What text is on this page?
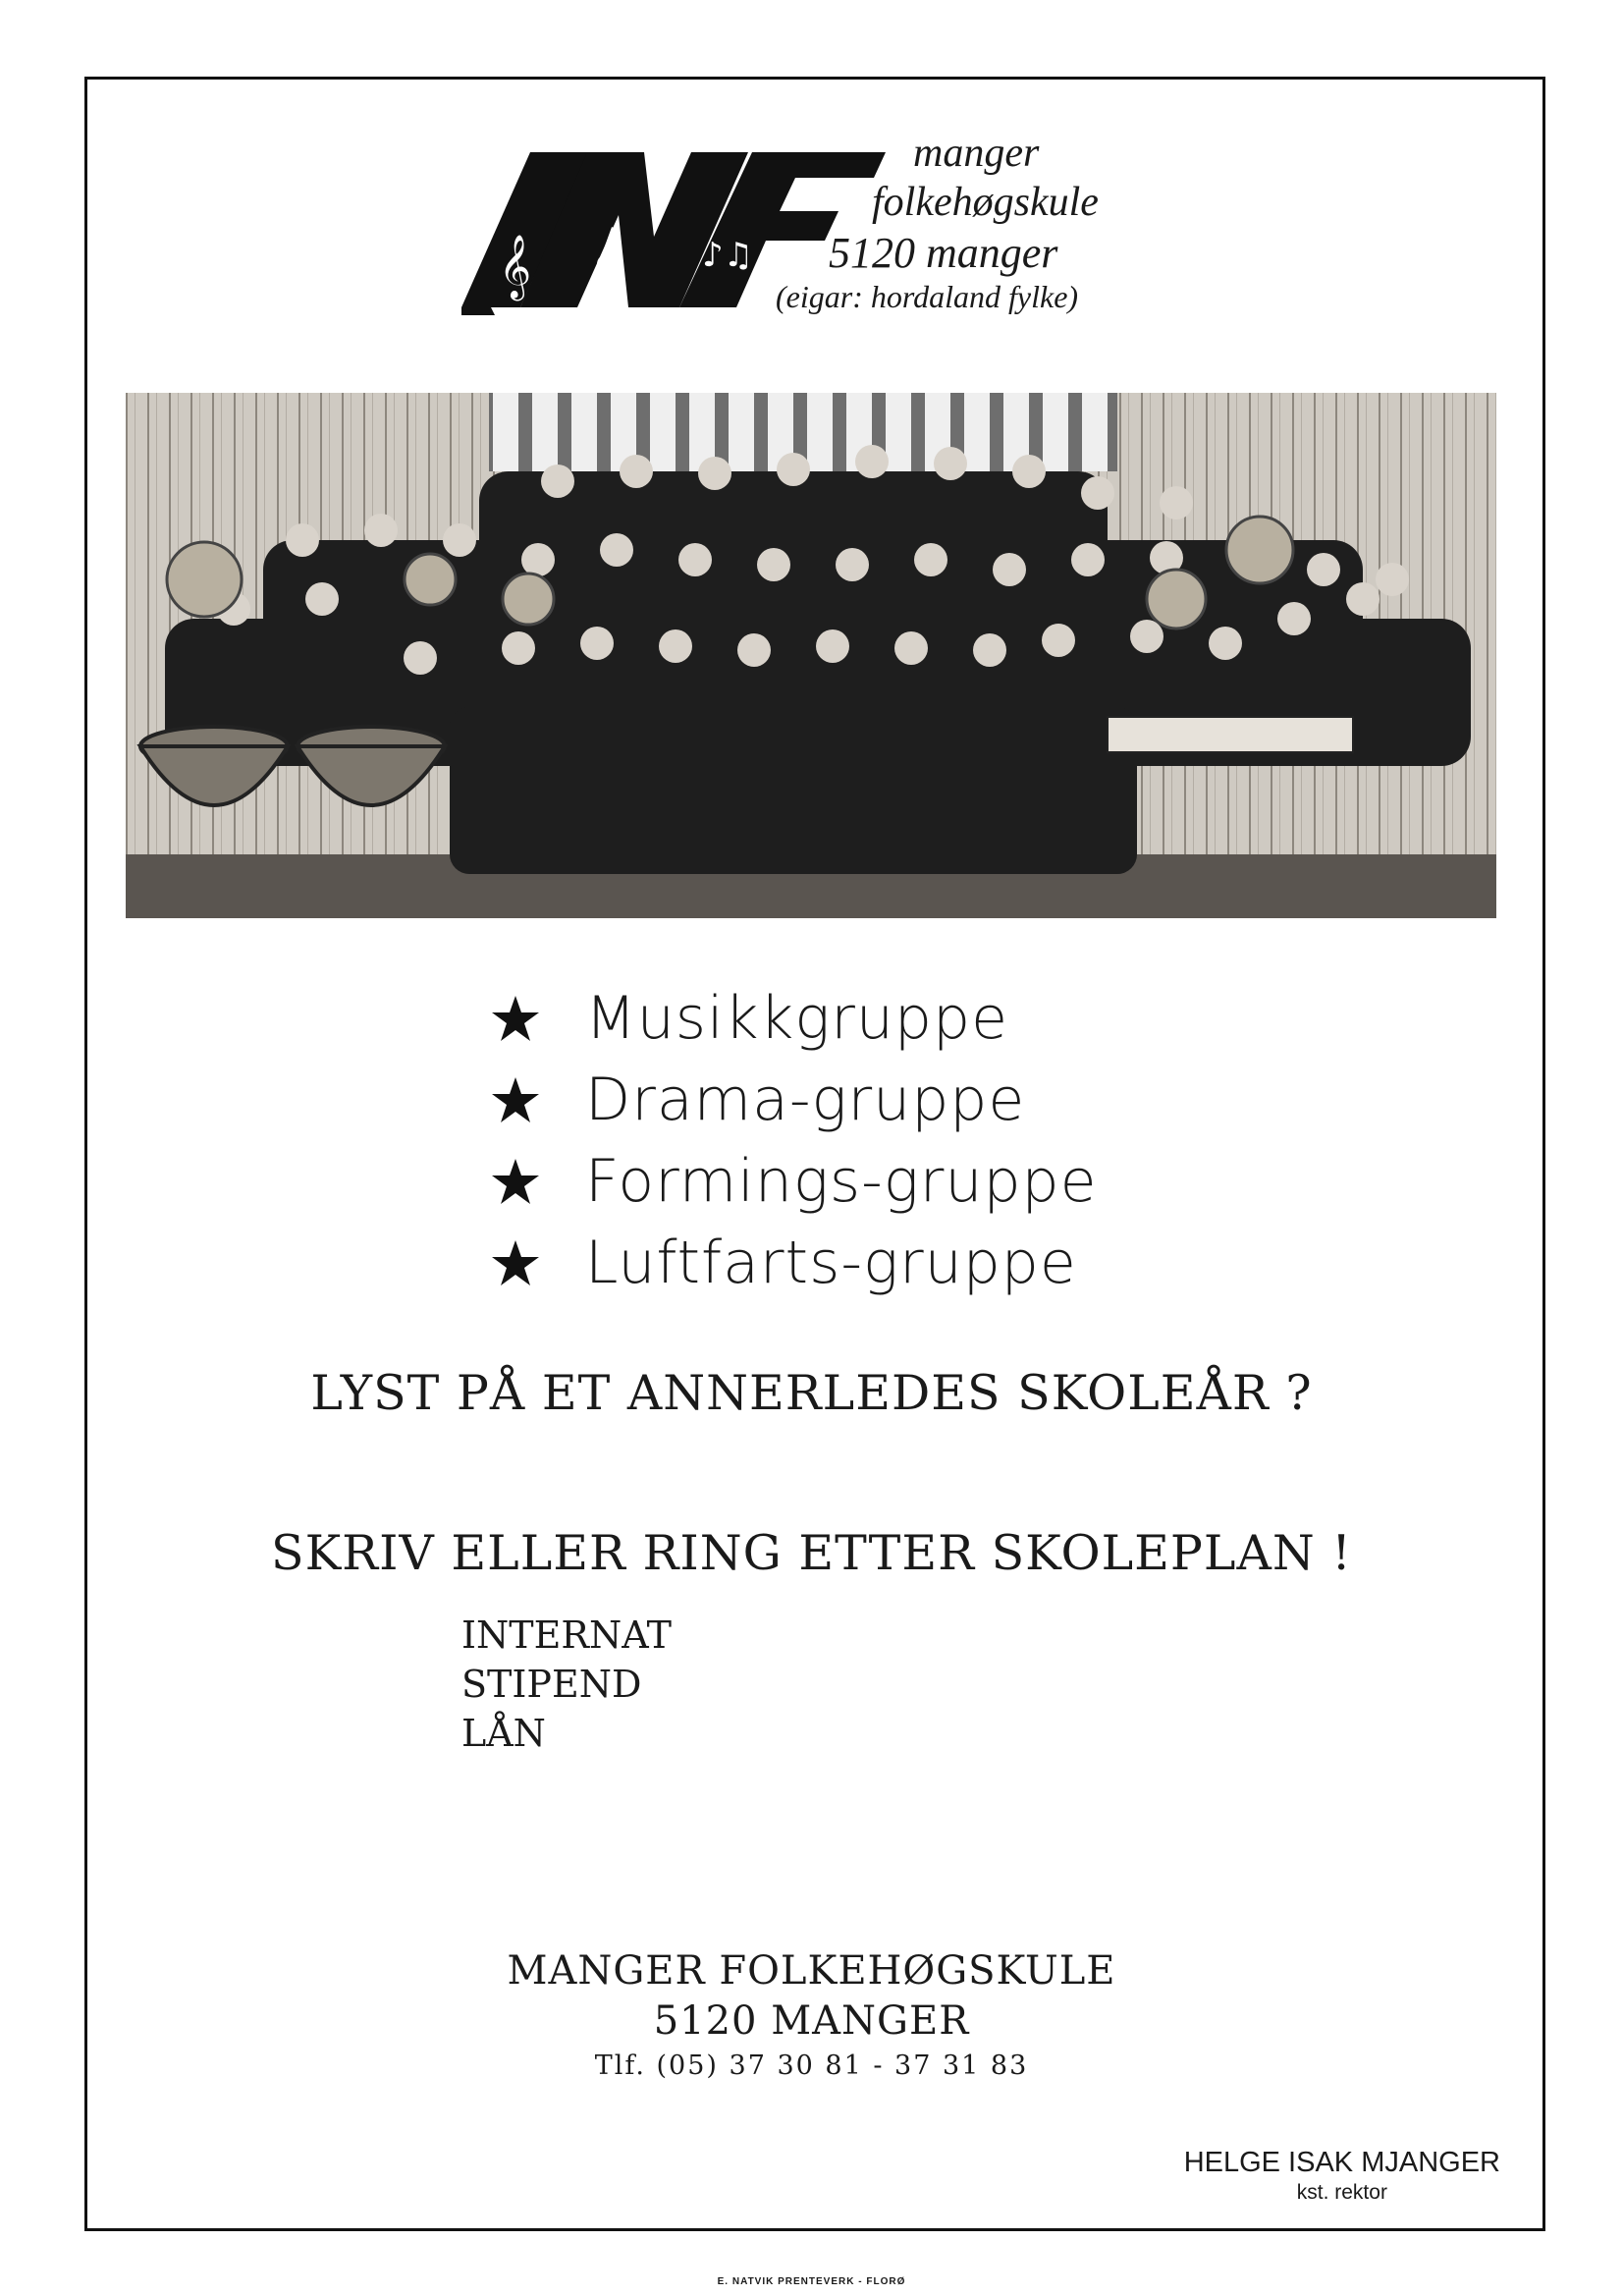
𝄞	♪♫
manger
folkehøgskule
5120 manger
(eigar: hordaland fylke)
Musikkgruppe
Drama-gruppe
Formings-gruppe
Luftfarts-gruppe
LYST PÅ ET ANNERLEDES SKOLEÅR ?
SKRIV ELLER RING ETTER SKOLEPLAN !
INTERNAT
STIPEND
LÅN
MANGER FOLKEHØGSKULE
5120 MANGER
Tlf. (05) 37 30 81 - 37 31 83
HELGE ISAK MJANGER
kst. rektor
E. NATVIK PRENTEVERK - FLORØ
